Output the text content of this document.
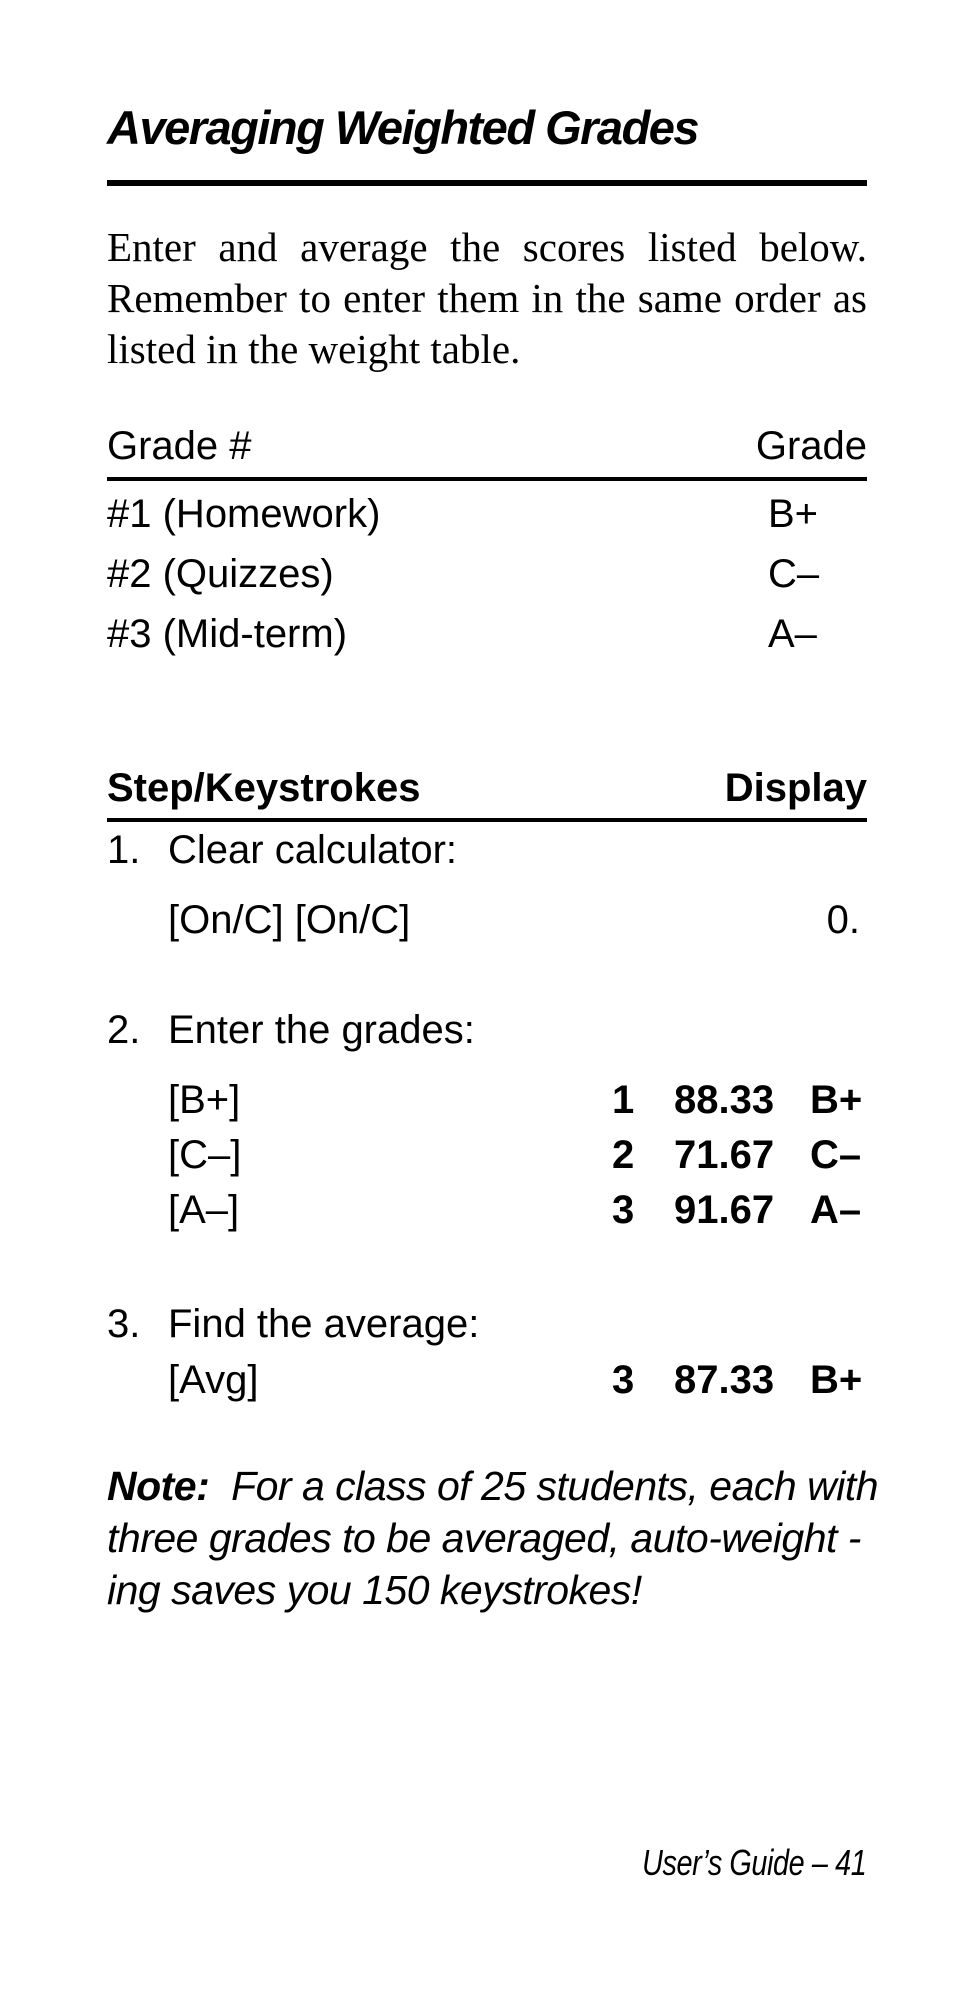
Averaging Weighted Grades
Enter and average the scores listed below. Remember to enter them in the same order as listed in the weight table.
Grade #	Grade
#1 (Homework)	B+
#2 (Quizzes)	C–
#3 (Mid-term)	A–
Step/Keystrokes	Display
1. Clear calculator:
[On/C] [On/C]	0.
2. Enter the grades:
[B+]	1 88.33 B+
[C–]	2 71.67 C–
[A–]	3 91.67 A–
3. Find the average:
[Avg]	3 87.33 B+
Note: For a class of 25 students, each with three grades to be averaged, auto-weight - ing saves you 150 keystrokes!
User’s Guide – 41
